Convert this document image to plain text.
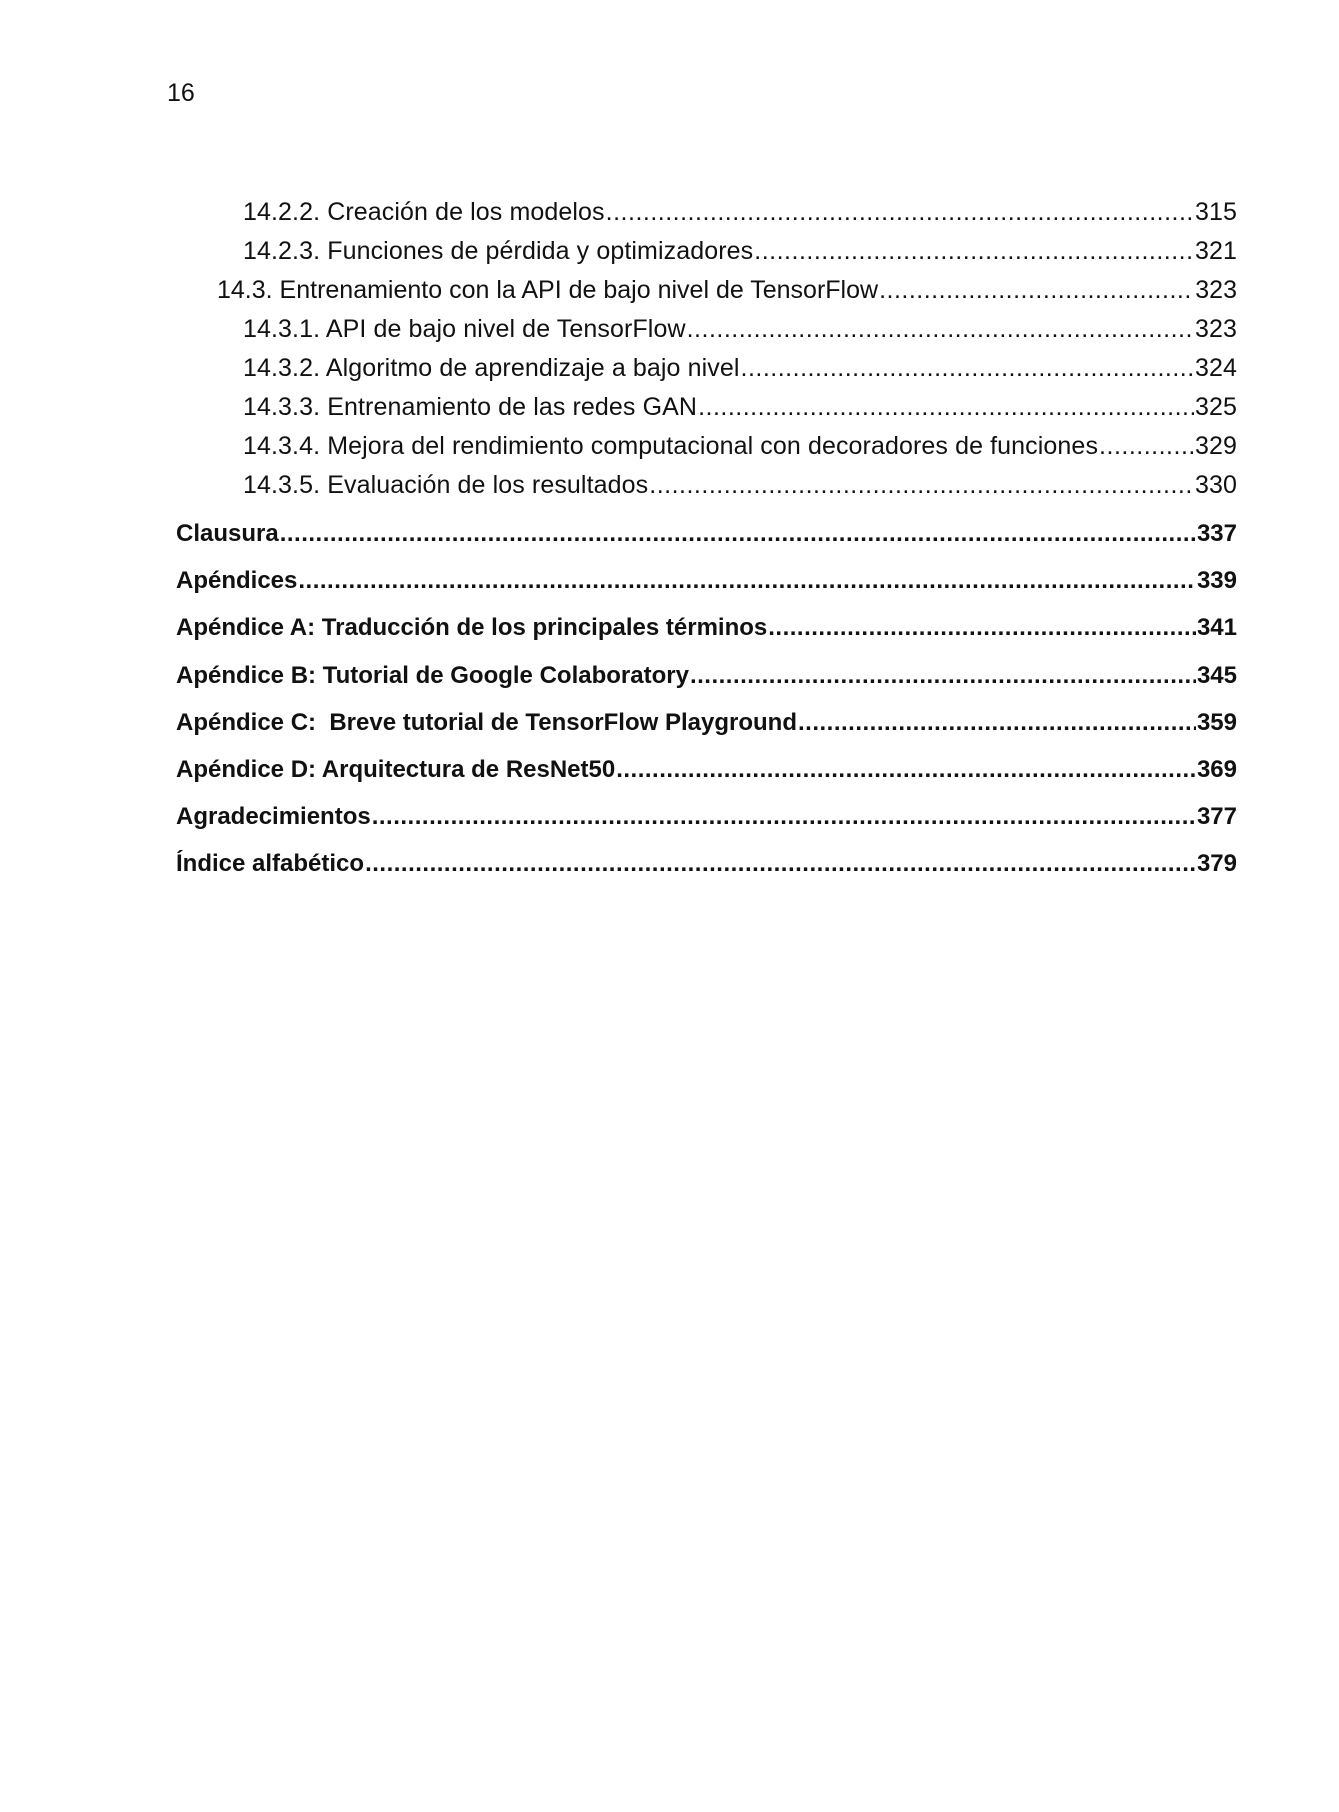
16
14.2.2. Creación de los modelos .....	315
14.2.3. Funciones de pérdida y optimizadores .....	321
14.3. Entrenamiento con la API de bajo nivel de TensorFlow .....	323
14.3.1. API de bajo nivel de TensorFlow .....	323
14.3.2. Algoritmo de aprendizaje a bajo nivel .....	324
14.3.3. Entrenamiento de las redes GAN .....	325
14.3.4. Mejora del rendimiento computacional con decoradores de funciones .....	329
14.3.5. Evaluación de los resultados .....	330
Clausura .....	337
Apéndices .....	339
Apéndice A: Traducción de los principales términos .....	341
Apéndice B: Tutorial de Google Colaboratory .....	345
Apéndice C:  Breve tutorial de TensorFlow Playground .....	359
Apéndice D: Arquitectura de ResNet50 .....	369
Agradecimientos .....	377
Índice alfabético .....	379
